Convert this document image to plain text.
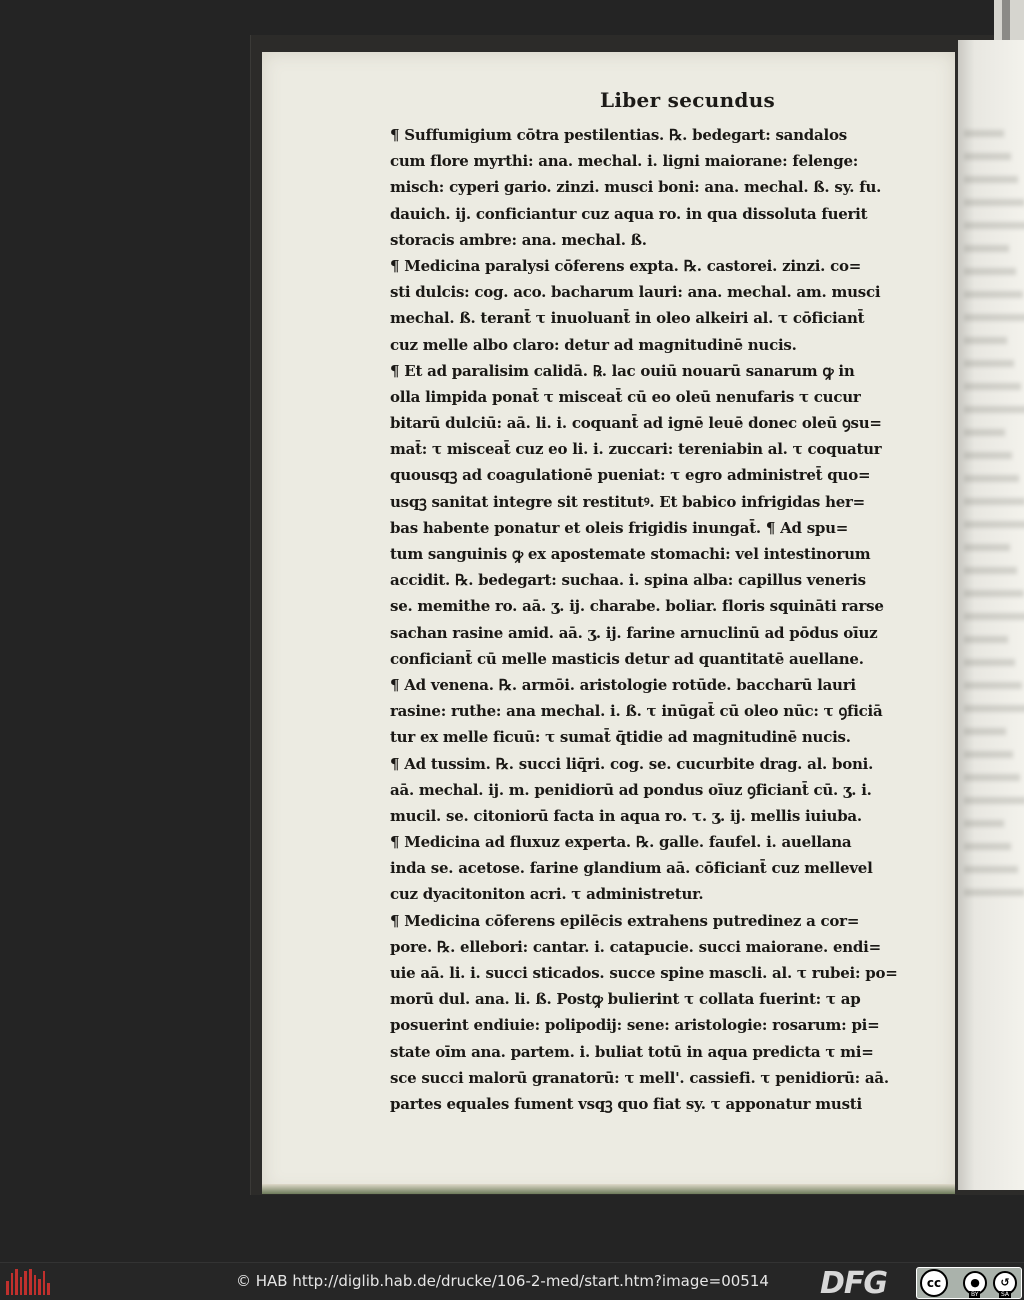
Liber secundus
¶ Suffumigium cōtra pestilentias. ℞. bedegart: sandalos
cum flore myrthi: ana. mechal. i. ligni maiorane: felenge:
misch: cyperi gario. zinzi. musci boni: ana. mechal. ß. sy. fu.
dauich. ij. conficiantur cuz aqua ro. in qua dissoluta fuerit
storacis ambre: ana. mechal. ß.
¶ Medicina paralysi cōferens expta. ℞. castorei. zinzi. co=
sti dulcis: cog. aco. bacharum lauri: ana. mechal. am. musci
mechal. ß. terant̄ τ inuoluant̄ in oleo alkeiri al. τ cōficiant̄
cuz melle albo claro: detur ad magnitudinē nucis.
¶ Et ad paralisim calidā. ℞. lac ouiū nouarū sanarum ꝙ in
olla limpida ponat̄ τ misceat̄ cū eo oleū nenufaris τ cucur
bitarū dulciū: aā. li. i. coquant̄ ad ignē leuē donec oleū ꝯsu=
mat̄: τ misceat̄ cuz eo li. i. zuccari: tereniabin al. τ coquatur
quousqꝫ ad coagulationē pueniat: τ egro administret̄ quo=
usqꝫ sanitat integre sit restitutꝰ. Et babico infrigidas her=
bas habente ponatur et oleis frigidis inungat̄. ¶ Ad spu=
tum sanguinis ꝙ ex apostemate stomachi: vel intestinorum
accidit. ℞. bedegart: suchaa. i. spina alba: capillus veneris
se. memithe ro. aā. ʒ. ij. charabe. boliar. floris squināti rarse
sachan rasine amid. aā. ʒ. ij. farine arnuclinū ad pōdus oīuz
conficiant̄ cū melle masticis detur ad quantitatē auellane.
¶ Ad venena. ℞. armōi. aristologie rotūde. baccharū lauri
rasine: ruthe: ana mechal. i. ß. τ inūgat̄ cū oleo nūc: τ ꝯficiā
tur ex melle ficuū: τ sumat̄ q̄tidie ad magnitudinē nucis.
¶ Ad tussim. ℞. succi liq̄ri. cog. se. cucurbite drag. al. boni.
aā. mechal. ij. m. penidiorū ad pondus oīuz ꝯficiant̄ cū. ʒ. i.
mucil. se. citoniorū facta in aqua ro. τ. ʒ. ij. mellis iuiuba.
¶ Medicina ad fluxuz experta. ℞. galle. faufel. i. auellana
inda se. acetose. farine glandium aā. cōficiant̄ cuz mellevel
cuz dyacitoniton acri. τ administretur.
¶ Medicina cōferens epilēcis extrahens putredinez a cor=
pore. ℞. ellebori: cantar. i. catapucie. succi maiorane. endi=
uie aā. li. i. succi sticados. succe spine mascli. al. τ rubei: po=
morū dul. ana. li. ß. Postꝙ bulierint τ collata fuerint: τ ap
posuerint endiuie: polipodij: sene: aristologie: rosarum: pi=
state oīm ana. partem. i. buliat totū in aqua predicta τ mi=
sce succi malorū granatorū: τ mell'. cassiefi. τ penidiorū: aā.
partes equales fument vsqꝫ quo fiat sy. τ apponatur musti
© HAB http://diglib.hab.de/drucke/106-2-med/start.htm?image=00514 DFG	cc	●	↺
BY	SA
